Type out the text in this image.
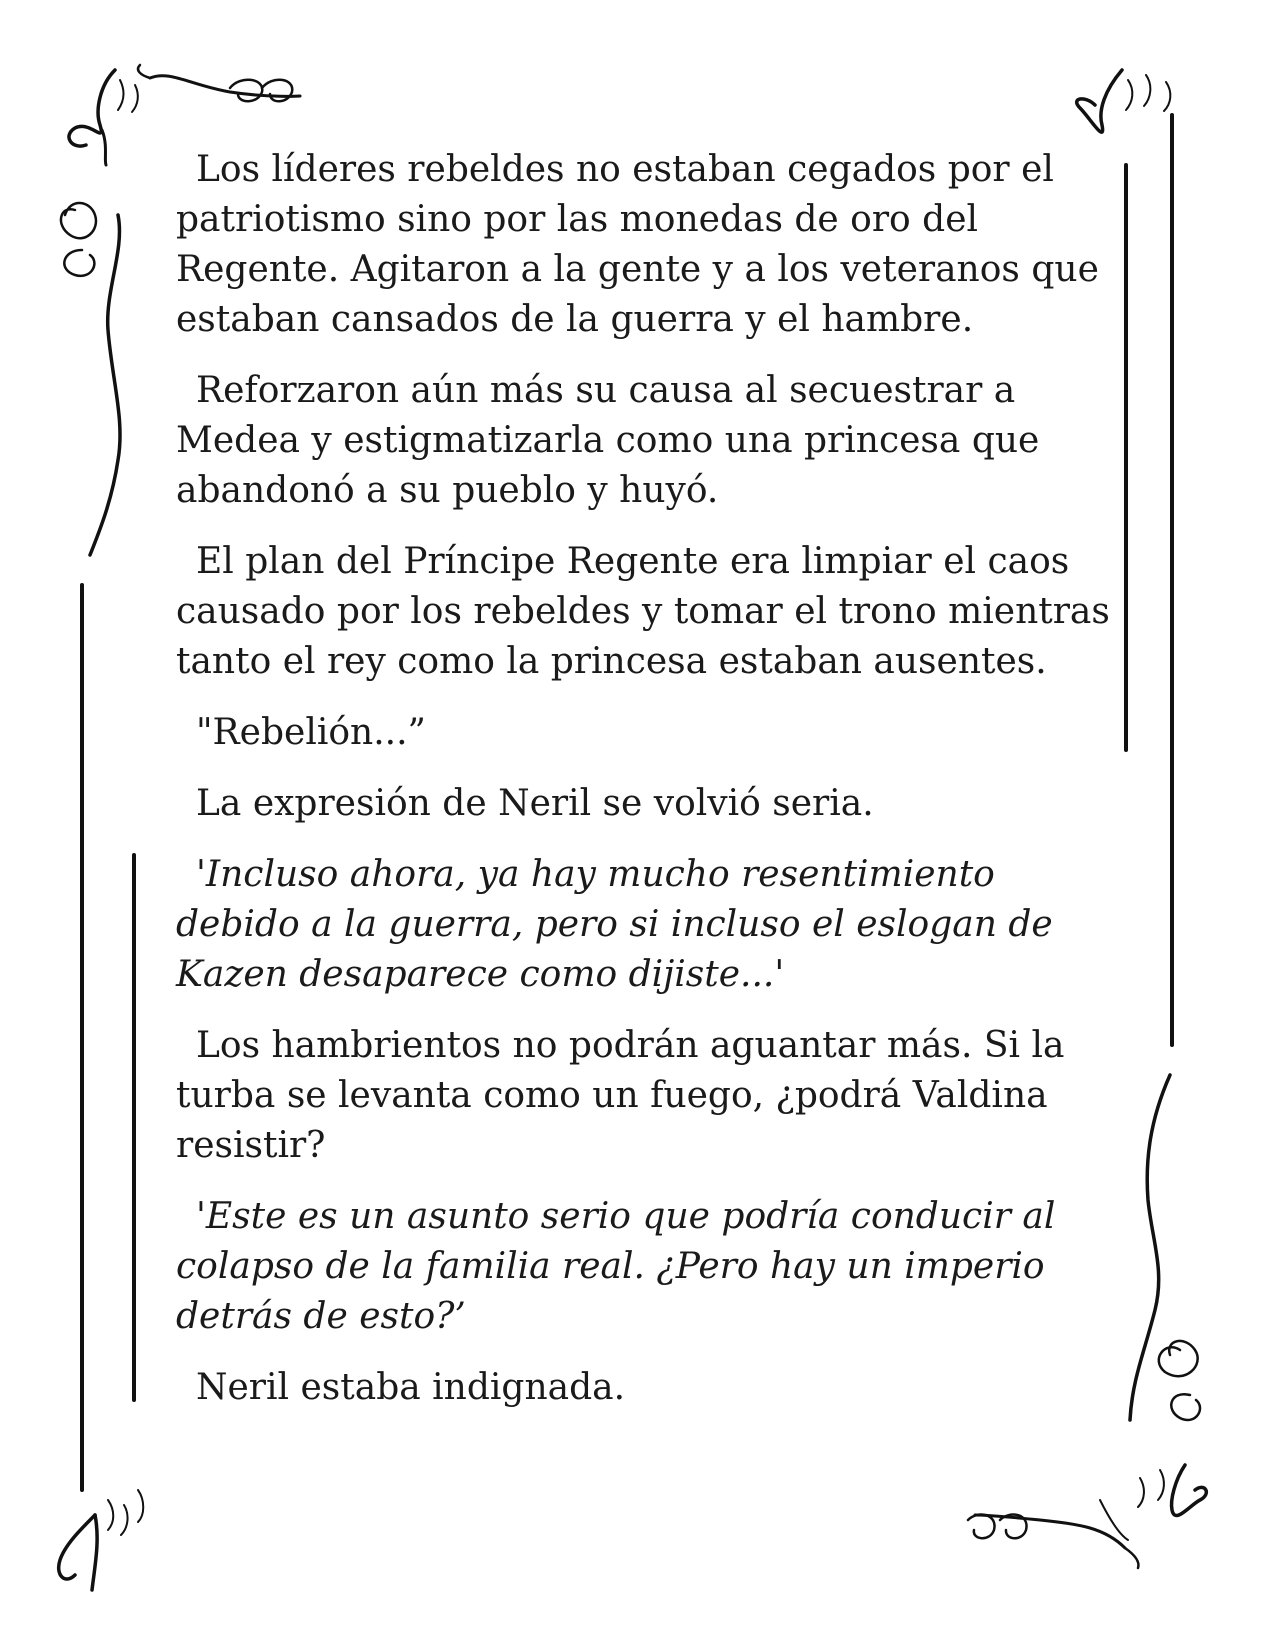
Los líderes rebeldes no estaban cegados por el patriotismo sino por las monedas de oro del Regente. Agitaron a la gente y a los veteranos que estaban cansados de la guerra y el hambre.

Reforzaron aún más su causa al secuestrar a Medea y estigmatizarla como una princesa que abandonó a su pueblo y huyó.

El plan del Príncipe Regente era limpiar el caos causado por los rebeldes y tomar el trono mientras tanto el rey como la princesa estaban ausentes.

"Rebelión...”

La expresión de Neril se volvió seria.

'Incluso ahora, ya hay mucho resentimiento debido a la guerra, pero si incluso el eslogan de Kazen desaparece como dijiste...'

Los hambrientos no podrán aguantar más. Si la turba se levanta como un fuego, ¿podrá Valdina resistir?

'Este es un asunto serio que podría conducir al colapso de la familia real. ¿Pero hay un imperio detrás de esto?’

Neril estaba indignada.
